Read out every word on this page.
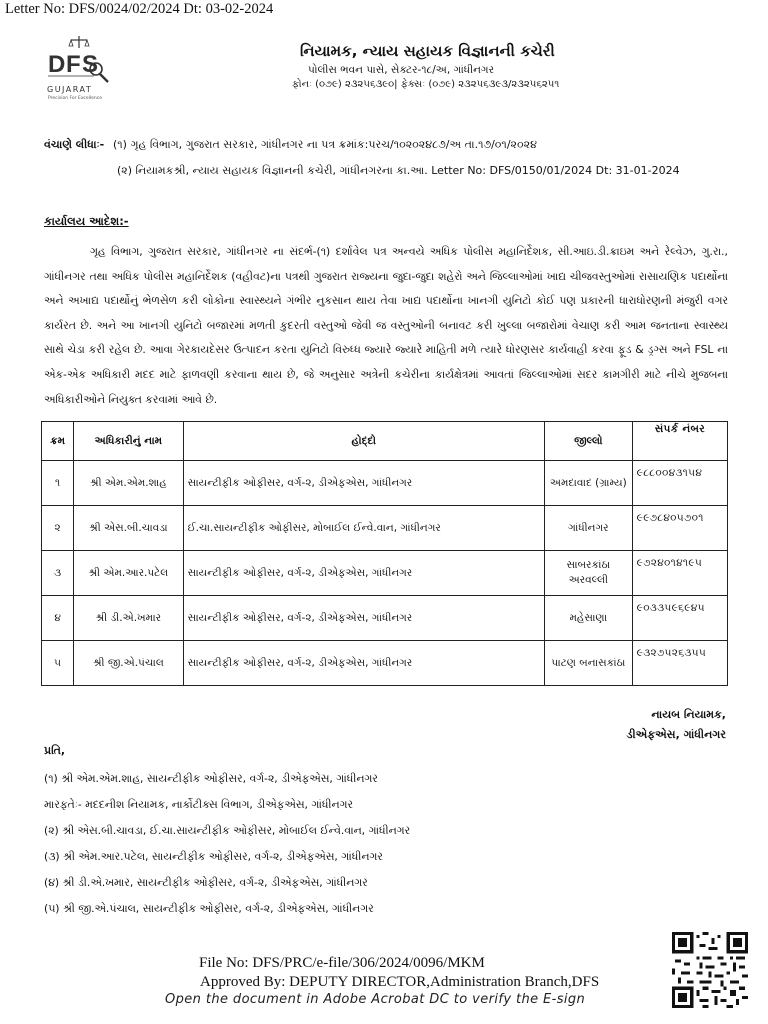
Letter No: DFS/0024/02/2024 Dt: 03-02-2024
D F S
GUJARAT
Precision For Excellence
નિયામક, ન્યાય સહાયક વિજ્ઞાનની કચેરી
પોલીસ ભવન પાસે, સેક્ટર-૧૮/અ, ગાંધીનગર
ફોનઃ (૦૭૯) ૨૩૨૫૬૩૯૦| ફેક્સઃ (૦૭૯) ૨૩૨૫૬૩૯૩/૨૩૨૫૬૨૫૧
વંચાણે લીધાઃ- (૧) ગૃહ વિભાગ, ગુજરાત સરકાર, ગાંધીનગર ના પત્ર ક્રમાંક:પરચ/૧૦૨૦૨૪૮૭/અ તા.૧૭/૦૧/૨૦૨૪
(૨) નિયામકશ્રી, ન્યાય સહાયક વિજ્ઞાનની કચેરી, ગાંધીનગરના કા.આ. Letter No: DFS/0150/01/2024 Dt: 31-01-2024
કાર્યાલય આદેશ:-
ગૃહ વિભાગ, ગુજરાત સરકાર, ગાંધીનગર ના સંદર્ભ-(૧) દર્શાવેલ પત્ર અન્વયે અધિક પોલીસ મહાનિર્દેશક, સી.આઇ.ડી.ક્રાઇમ અને રેલ્વેઝ, ગુ.રા., ગાંધીનગર તથા અધિક પોલીસ મહાનિર્દેશક (વહીવટ)ના પત્રથી ગુજરાત રાજ્યના જુદા-જુદા શહેરો અને જિલ્લાઓમાં ખાદ્ય ચીજવસ્તુઓમાં રાસાયણિક પદાર્થોના અને અખાદ્ય પદાર્થોનું ભેળસેળ કરી લોકોના સ્વાસ્થ્યને ગંભીર નુકસાન થાય તેવા ખાદ્ય પદાર્થોના ખાનગી યુનિટો કોઈ પણ પ્રકારની ધારાધોરણની મંજુરી વગર કાર્યરત છે. અને આ ખાનગી યુનિટો બજારમાં મળતી કુદરતી વસ્તુઓ જેવી જ વસ્તુઓની બનાવટ કરી ખુલ્લા બજારોમાં વેચાણ કરી આમ જનતાના સ્વાસ્થ્ય સાથે ચેડા કરી રહેલ છે. આવા ગેરકાયદેસર ઉત્પાદન કરતા યુનિટો વિરુધ્ધ જ્યારે જ્યારે માહિતી મળે ત્યારે ધોરણસર કાર્યવાહી કરવા ફૂડ & ડ્રગ્સ અને FSL ના એક-એક અધિકારી મદદ માટે ફાળવણી કરવાના થાય છે, જે અનુસાર અત્રેની કચેરીના કાર્યક્ષેત્રમાં આવતાં જિલ્લાઓમાં સદર કામગીરી માટે નીચે મુજબના અધિકારીઓને નિયુક્ત કરવામાં આવે છે.
ક્રમ	અધિકારીનું નામ	હોદ્દો	જીલ્લો	સંપર્ક નંબર
૧	શ્રી એમ.એમ.શાહ	સાયન્ટીફીક ઓફીસર, વર્ગ-૨, ડીએફએસ, ગાંધીનગર	અમદાવાદ (ગ્રામ્ય)	૯૮૮૦૦૪૩૧૫૪
૨	શ્રી એસ.બી.ચાવડા	ઈ.ચા.સાયન્ટીફીક ઓફીસર, મોબાઈલ ઈન્વે.વાન, ગાંધીનગર	ગાંધીનગર	૯૯૭૮૪૦૫૭૦૧
૩	શ્રી એમ.આર.પટેલ	સાયન્ટીફીક ઓફીસર, વર્ગ-૨, ડીએફએસ, ગાંધીનગર	સાબરકાંઠા અરવલ્લી	૯૭૨૪૦૧૪૧૯૫
૪	શ્રી ડી.એ.ખમાર	સાયન્ટીફીક ઓફીસર, વર્ગ-૨, ડીએફએસ, ગાંધીનગર	મહેસાણા	૯૦૩૩૫૯૬૯૪૫
૫	શ્રી જી.એ.પંચાલ	સાયન્ટીફીક ઓફીસર, વર્ગ-૨, ડીએફએસ, ગાંધીનગર	પાટણ બનાસકાંઠા	૯૩૨૭૫૨૬૩૫૫
નાયબ નિયામક,
ડીએફએસ, ગાંધીનગર
પ્રતિ,
(૧) શ્રી એમ.એમ.શાહ, સાયન્ટીફીક ઓફીસર, વર્ગ-૨, ડીએફએસ, ગાંધીનગર
મારફતેઃ- મદદનીશ નિયામક, નાર્કોટીક્સ વિભાગ, ડીએફએસ, ગાંધીનગર
(૨) શ્રી એસ.બી.ચાવડા, ઈ.ચા.સાયન્ટીફીક ઓફીસર, મોબાઈલ ઈન્વે.વાન, ગાંધીનગર
(૩) શ્રી એમ.આર.પટેલ, સાયન્ટીફીક ઓફીસર, વર્ગ-૨, ડીએફએસ, ગાંધીનગર
(૪) શ્રી ડી.એ.ખમાર, સાયન્ટીફીક ઓફીસર, વર્ગ-૨, ડીએફએસ, ગાંધીનગર
(૫) શ્રી જી.એ.પંચાલ, સાયન્ટીફીક ઓફીસર, વર્ગ-૨, ડીએફએસ, ગાંધીનગર
File No: DFS/PRC/e-file/306/2024/0096/MKM
Approved By: DEPUTY DIRECTOR,Administration Branch,DFS
Open the document in Adobe Acrobat DC to verify the E-sign
